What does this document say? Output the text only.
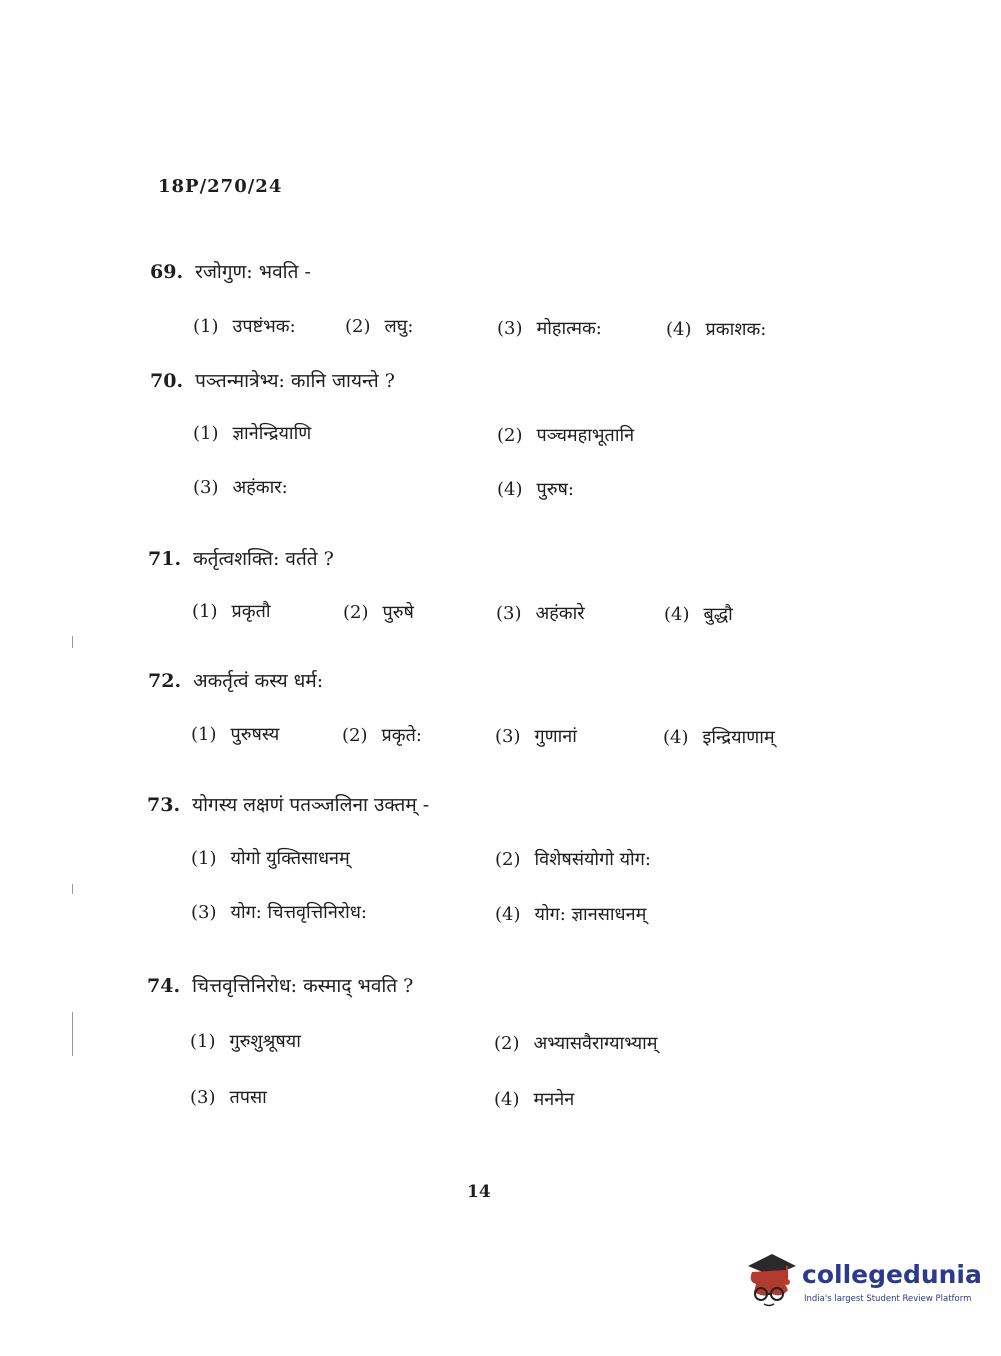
18P/270/24
69. रजोगुण: भवति -
(1) उपष्टंभक:	(2) लघु:	(3) मोहात्मक:	(4) प्रकाशक:
70. पञ्तन्मात्रेभ्य: कानि जायन्ते ?
(1) ज्ञानेन्द्रियाणि	(2) पञ्चमहाभूतानि
(3) अहंकार:	(4) पुरुष:
71. कर्तृत्वशक्ति: वर्तते ?
(1) प्रकृतौ	(2) पुरुषे	(3) अहंकारे	(4) बुद्धौ
72. अकर्तृत्वं कस्य धर्म:
(1) पुरुषस्य	(2) प्रकृते:	(3) गुणानां	(4) इन्द्रियाणाम्
73. योगस्य लक्षणं पतञ्जलिना उक्तम् -
(1) योगो युक्तिसाधनम्	(2) विशेषसंयोगो योग:
(3) योग: चित्तवृत्तिनिरोध:	(4) योग: ज्ञानसाधनम्
74. चित्तवृत्तिनिरोध: कस्माद् भवति ?
(1) गुरुशुश्रूषया	(2) अभ्यासवैराग्याभ्याम्
(3) तपसा	(4) मननेन
14
collegedunia
India's largest Student Review Platform
